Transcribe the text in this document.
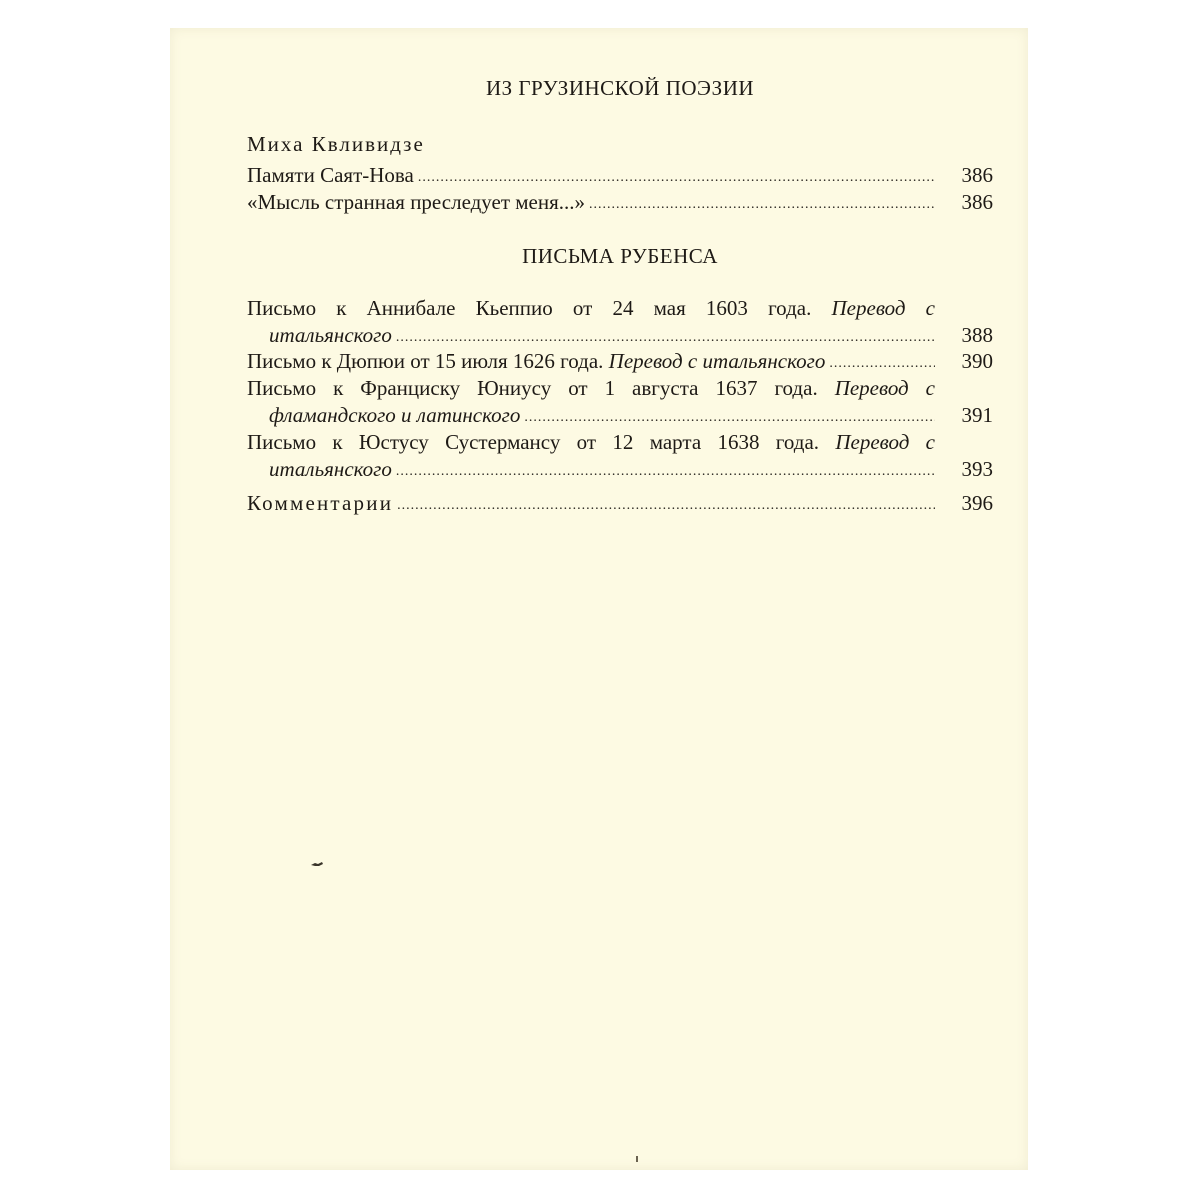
ИЗ ГРУЗИНСКОЙ ПОЭЗИИ
Миха Квливидзе
Памяти Саят-Нова .....	386
«Мысль странная преследует меня...» .....	386
ПИСЬМА РУБЕНСА
Письмо к Аннибале Кьеппио от 24 мая 1603 года. Перевод с
итальянского .....	388
Письмо к Дюпюи от 15 июля 1626 года.
Перевод с итальянского .....	390
Письмо к Франциску Юниусу от 1 августа 1637 года. Перевод с
фламандского и латинского .....	391
Письмо к Юстусу Сустермансу от 12 марта 1638 года. Перевод с
итальянского .....	393
Комментарии .....	396
